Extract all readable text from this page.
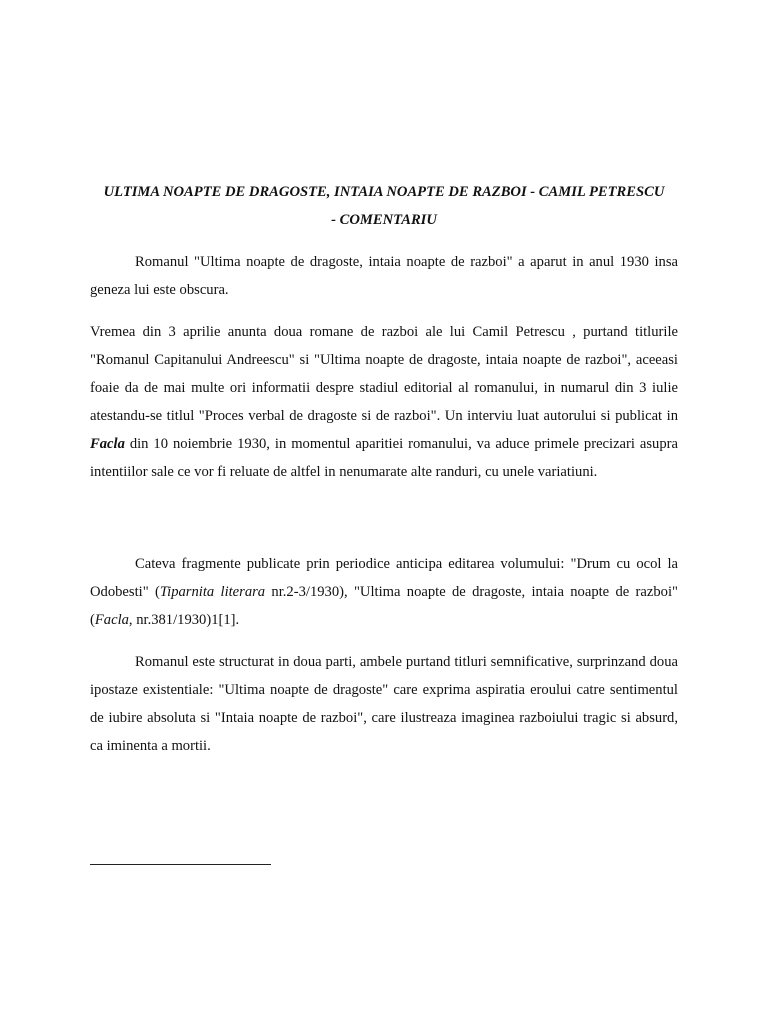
ULTIMA NOAPTE DE DRAGOSTE, INTAIA NOAPTE DE RAZBOI - CAMIL PETRESCU
- COMENTARIU

Romanul "Ultima noapte de dragoste, intaia noapte de razboi" a aparut in anul 1930 insa geneza lui este obscura.

Vremea din 3 aprilie anunta doua romane de razboi ale lui Camil Petrescu , purtand titlurile "Romanul Capitanului Andreescu" si "Ultima noapte de dragoste, intaia noapte de razboi", aceeasi foaie da de mai multe ori informatii despre stadiul editorial al romanului, in numarul din 3 iulie atestandu-se titlul "Proces verbal de dragoste si de razboi". Un interviu luat autorului si publicat in Facla din 10 noiembrie 1930, in momentul aparitiei romanului, va aduce primele precizari asupra intentiilor sale ce vor fi reluate de altfel in nenumarate alte randuri, cu unele variatiuni.

Cateva fragmente publicate prin periodice anticipa editarea volumului: "Drum cu ocol la Odobesti" (Tiparnita literara nr.2-3/1930), "Ultima noapte de dragoste, intaia noapte de razboi" (Facla, nr.381/1930)1[1].

Romanul este structurat in doua parti, ambele purtand titluri semnificative, surprinzand doua ipostaze existentiale: "Ultima noapte de dragoste" care exprima aspiratia eroului catre sentimentul de iubire absoluta si "Intaia noapte de razboi", care ilustreaza imaginea razboiului tragic si absurd, ca iminenta a mortii.
